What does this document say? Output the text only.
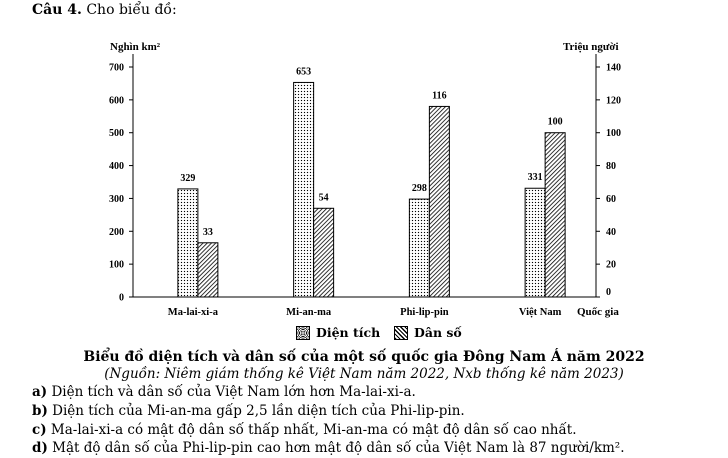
Câu 4. Cho biểu đồ:
0
100
200
300
400
500
600
700
0
20
40
60
80
100
120
140
Nghìn km²	Triệu người
Quốc gia
329
33
Ma-lai-xi-a
653
54
Mi-an-ma
298
116
Phi-lip-pin
331
100
Việt Nam
Diện tích	Dân số
Biểu đồ diện tích và dân số của một số quốc gia Đông Nam Á năm 2022
(Nguồn: Niêm giám thống kê Việt Nam năm 2022, Nxb thống kê năm 2023)
a) Diện tích và dân số của Việt Nam lớn hơn Ma-lai-xi-a.
b) Diện tích của Mi-an-ma gấp 2,5 lần diện tích của Phi-lip-pin.
c) Ma-lai-xi-a có mật độ dân số thấp nhất, Mi-an-ma có mật độ dân số cao nhất.
d) Mật độ dân số của Phi-lip-pin cao hơn mật độ dân số của Việt Nam là 87 người/km².
